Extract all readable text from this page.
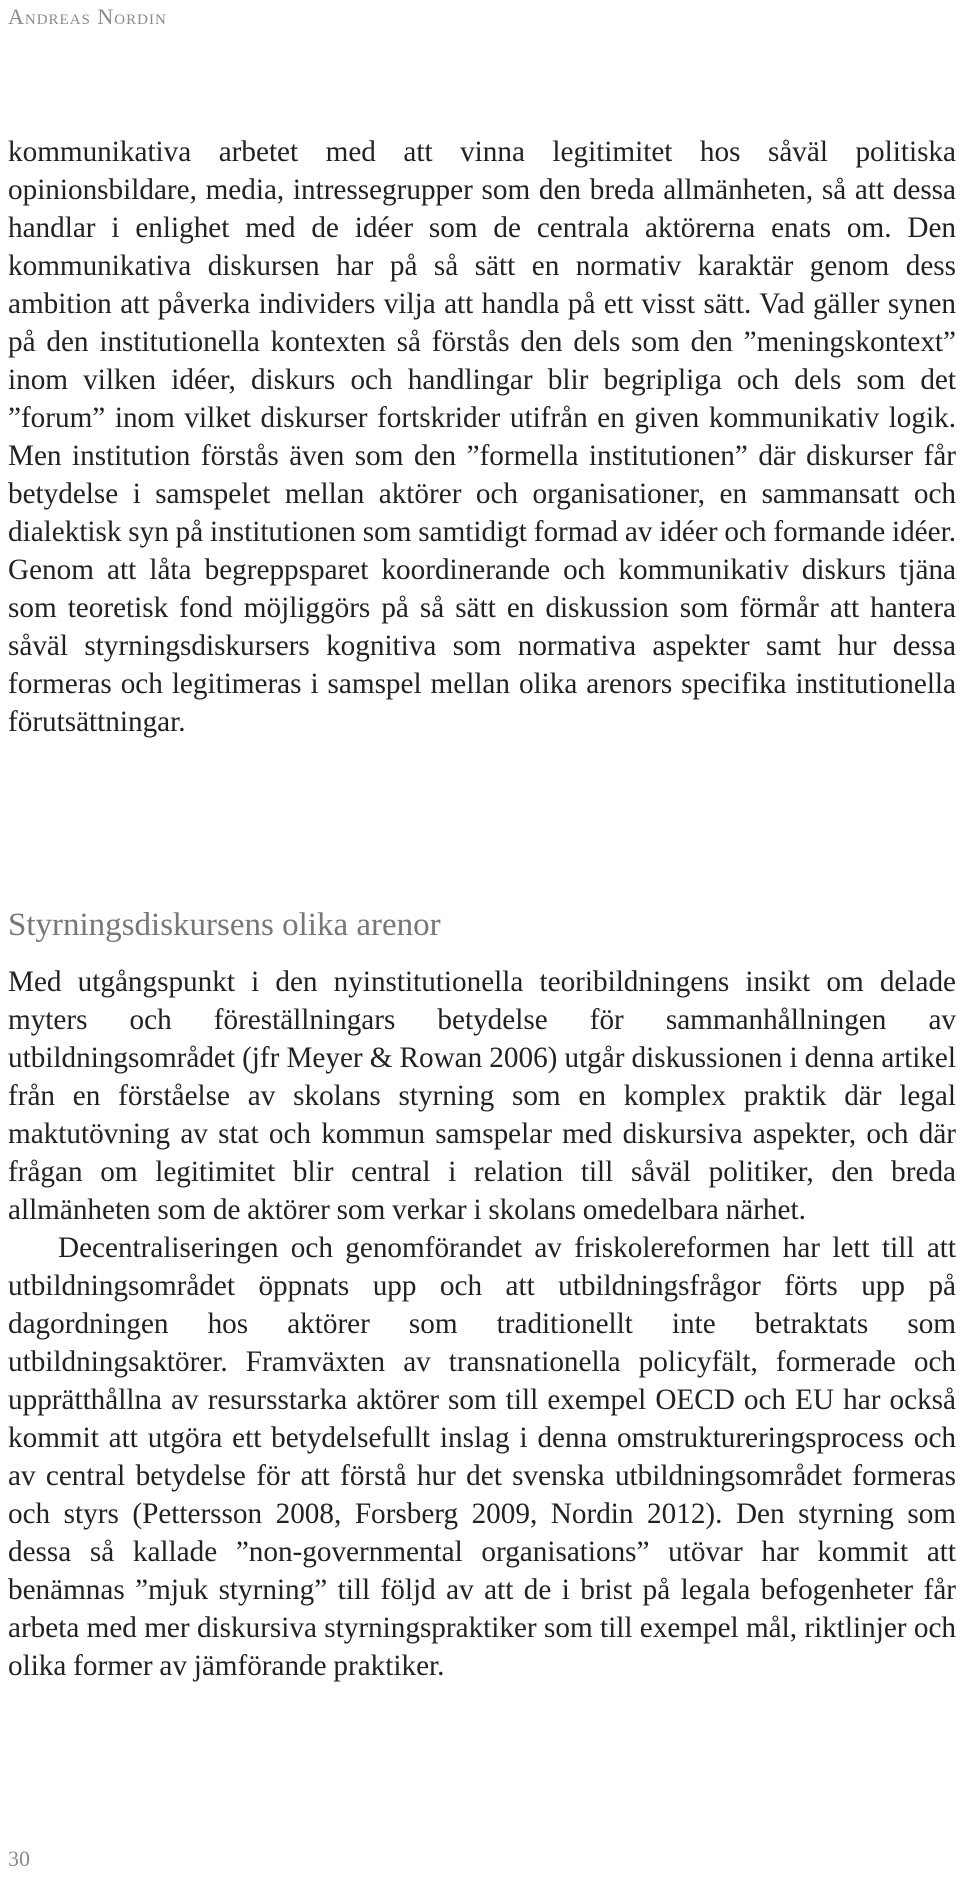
Andreas Nordin

kommunikativa arbetet med att vinna legitimitet hos såväl politiska opinionsbildare, media, intressegrupper som den breda allmänheten, så att dessa handlar i enlighet med de idéer som de centrala aktörerna enats om. Den kommunikativa diskursen har på så sätt en normativ karaktär genom dess ambition att påverka individers vilja att handla på ett visst sätt. Vad gäller synen på den institutionella kontexten så förstås den dels som den ”meningskontext” inom vilken idéer, diskurs och handlingar blir begripliga och dels som det ”forum” inom vilket diskurser fortskrider utifrån en given kommunikativ logik. Men institution förstås även som den ”formella institutionen” där diskurser får betydelse i samspelet mellan aktörer och organisationer, en sammansatt och dialektisk syn på institutionen som samtidigt formad av idéer och formande idéer. Genom att låta begreppsparet koordinerande och kommunikativ diskurs tjäna som teoretisk fond möjliggörs på så sätt en diskussion som förmår att hantera såväl styrningsdiskursers kognitiva som normativa aspekter samt hur dessa formeras och legitimeras i samspel mellan olika arenors specifika institutionella förutsättningar.

Styrningsdiskursens olika arenor

Med utgångspunkt i den nyinstitutionella teoribildningens insikt om delade myters och föreställningars betydelse för sammanhållningen av utbildningsområdet (jfr Meyer & Rowan 2006) utgår diskussionen i denna artikel från en förståelse av skolans styrning som en komplex praktik där legal maktutövning av stat och kommun samspelar med diskursiva aspekter, och där frågan om legitimitet blir central i relation till såväl politiker, den breda allmänheten som de aktörer som verkar i skolans omedelbara närhet.

Decentraliseringen och genomförandet av friskolereformen har lett till att utbildningsområdet öppnats upp och att utbildningsfrågor förts upp på dagordningen hos aktörer som traditionellt inte betraktats som utbildningsaktörer. Framväxten av transnationella policyfält, formerade och upprätthållna av resursstarka aktörer som till exempel OECD och EU har också kommit att utgöra ett betydelsefullt inslag i denna omstruktureringsprocess och av central betydelse för att förstå hur det svenska utbildningsområdet formeras och styrs (Pettersson 2008, Forsberg 2009, Nordin 2012). Den styrning som dessa så kallade ”non-governmental organisations” utövar har kommit att benämnas ”mjuk styrning” till följd av att de i brist på legala befogenheter får arbeta med mer diskursiva styrningspraktiker som till exempel mål, riktlinjer och olika former av jämförande praktiker.

30
